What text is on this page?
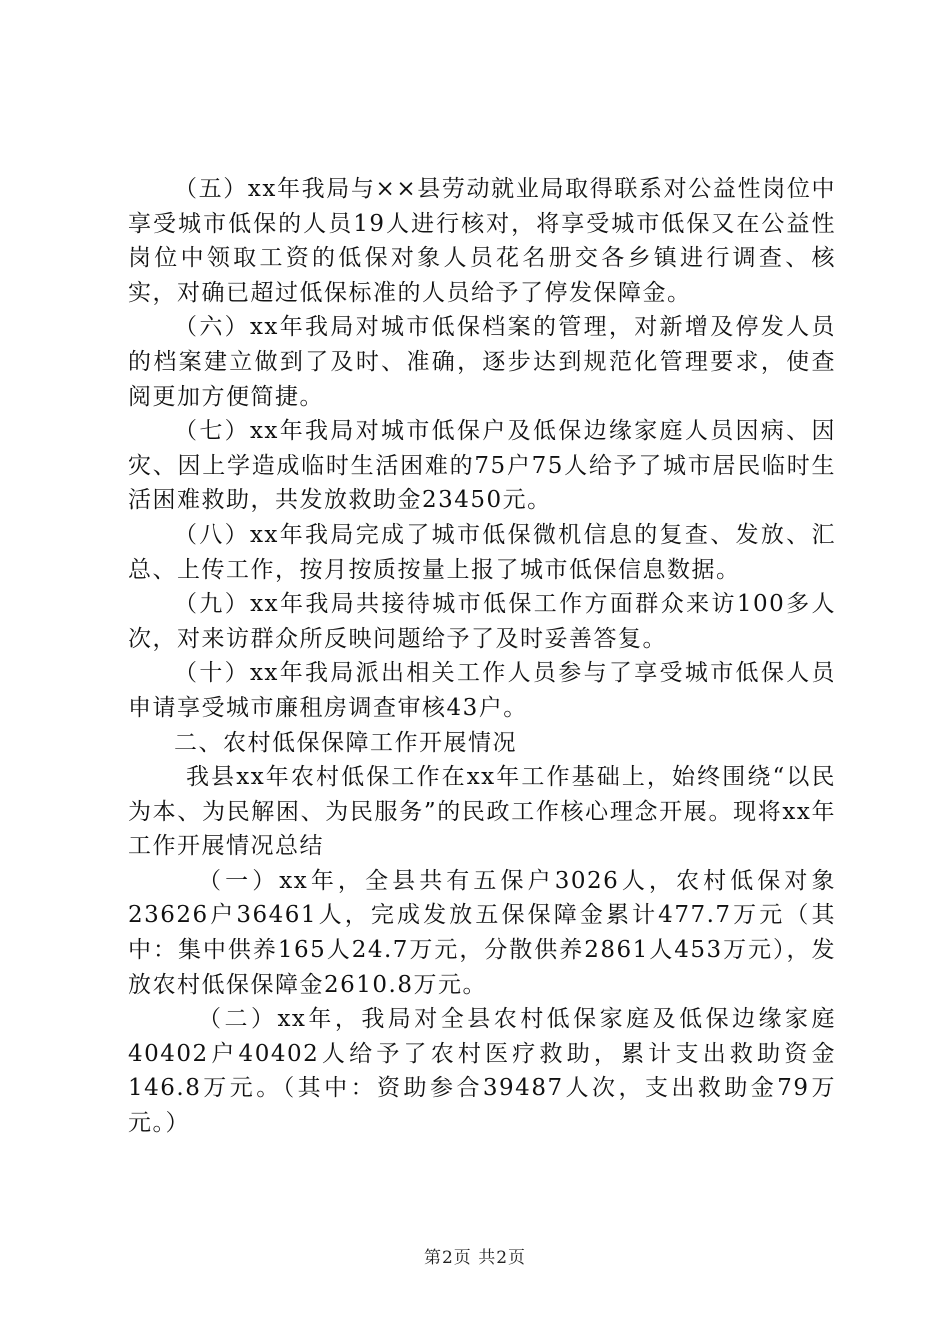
（五）xx年我局与××县劳动就业局取得联系对公益性岗位中享受城市低保的人员19人进行核对，将享受城市低保又在公益性岗位中领取工资的低保对象人员花名册交各乡镇进行调查、核实，对确已超过低保标准的人员给予了停发保障金。

（六）xx年我局对城市低保档案的管理，对新增及停发人员的档案建立做到了及时、准确，逐步达到规范化管理要求，使查阅更加方便简捷。

（七）xx年我局对城市低保户及低保边缘家庭人员因病、因灾、因上学造成临时生活困难的75户75人给予了城市居民临时生活困难救助，共发放救助金23450元。

（八）xx年我局完成了城市低保微机信息的复查、发放、汇总、上传工作，按月按质按量上报了城市低保信息数据。

（九）xx年我局共接待城市低保工作方面群众来访100多人次，对来访群众所反映问题给予了及时妥善答复。

（十）xx年我局派出相关工作人员参与了享受城市低保人员申请享受城市廉租房调查审核43户。

二、农村低保保障工作开展情况

我县xx年农村低保工作在xx年工作基础上，始终围绕“以民为本、为民解困、为民服务”的民政工作核心理念开展。现将xx年工作开展情况总结

（一）xx年，全县共有五保户3026人，农村低保对象23626户36461人，完成发放五保保障金累计477.7万元（其中：集中供养165人24.7万元，分散供养2861人453万元），发放农村低保保障金2610.8万元。

（二）xx年，我局对全县农村低保家庭及低保边缘家庭40402户40402人给予了农村医疗救助，累计支出救助资金146.8万元。（其中：资助参合39487人次，支出救助金79万元。）

第2页 共2页
